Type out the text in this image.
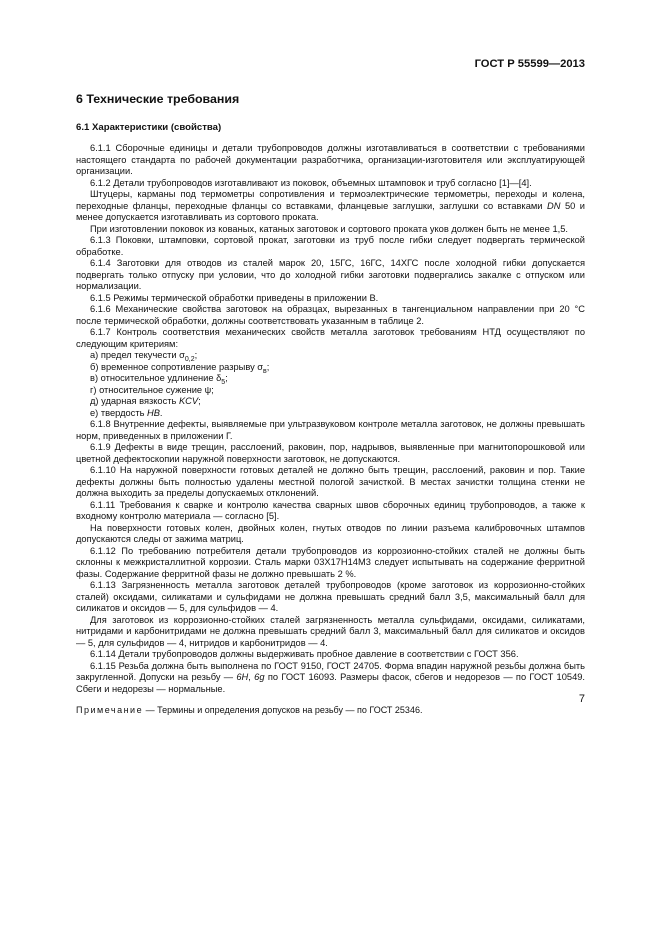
ГОСТ Р 55599—2013
6 Технические требования
6.1 Характеристики (свойства)

6.1.1 Сборочные единицы и детали трубопроводов должны изготавливаться в соответствии с требованиями настоящего стандарта по рабочей документации разработчика, организации-изготовителя или эксплуатирующей организации.

6.1.2 Детали трубопроводов изготавливают из поковок, объемных штамповок и труб согласно [1]—[4].

Штуцеры, карманы под термометры сопротивления и термоэлектрические термометры, переходы и колена, переходные фланцы, переходные фланцы со вставками, фланцевые заглушки, заглушки со вставками DN 50 и менее допускается изготавливать из сортового проката.

При изготовлении поковок из кованых, катаных заготовок и сортового проката уков должен быть не менее 1,5.

6.1.3 Поковки, штамповки, сортовой прокат, заготовки из труб после гибки следует подвергать термической обработке.

6.1.4 Заготовки для отводов из сталей марок 20, 15ГС, 16ГС, 14ХГС после холодной гибки допускается подвергать только отпуску при условии, что до холодной гибки заготовки подвергались закалке с отпуском или нормализации.

6.1.5 Режимы термической обработки приведены в приложении В.

6.1.6 Механические свойства заготовок на образцах, вырезанных в тангенциальном направлении при 20 °С после термической обработки, должны соответствовать указанным в таблице 2.

6.1.7 Контроль соответствия механических свойств металла заготовок требованиям НТД осуществляют по следующим критериям:

а) предел текучести $\sigma_{0,2}$;

б) временное сопротивление разрыву $\sigma_в$;

в) относительное удлинение $\delta_5$;

г) относительное сужение ψ;

д) ударная вязкость KCV;

е) твердость HB.

6.1.8 Внутренние дефекты, выявляемые при ультразвуковом контроле металла заготовок, не должны превышать норм, приведенных в приложении Г.

6.1.9 Дефекты в виде трещин, расслоений, раковин, пор, надрывов, выявленные при магнитопорошковой или цветной дефектоскопии наружной поверхности заготовок, не допускаются.

6.1.10 На наружной поверхности готовых деталей не должно быть трещин, расслоений, раковин и пор. Такие дефекты должны быть полностью удалены местной пологой зачисткой. В местах зачистки толщина стенки не должна выходить за пределы допускаемых отклонений.

6.1.11 Требования к сварке и контролю качества сварных швов сборочных единиц трубопроводов, а также к входному контролю материала — согласно [5].

На поверхности готовых колен, двойных колен, гнутых отводов по линии разъема калибровочных штампов допускаются следы от зажима матриц.

6.1.12 По требованию потребителя детали трубопроводов из коррозионно-стойких сталей не должны быть склонны к межкристаллитной коррозии. Сталь марки 03Х17Н14М3 следует испытывать на содержание ферритной фазы. Содержание ферритной фазы не должно превышать 2 %.

6.1.13 Загрязненность металла заготовок деталей трубопроводов (кроме заготовок из коррозионно-стойких сталей) оксидами, силикатами и сульфидами не должна превышать средний балл 3,5, максимальный балл для силикатов и оксидов — 5, для сульфидов — 4.

Для заготовок из коррозионно-стойких сталей загрязненность металла сульфидами, оксидами, силикатами, нитридами и карбонитридами не должна превышать средний балл 3, максимальный балл для силикатов и оксидов — 5, для сульфидов — 4, нитридов и карбонитридов — 4.

6.1.14 Детали трубопроводов должны выдерживать пробное давление в соответствии с ГОСТ 356.

6.1.15 Резьба должна быть выполнена по ГОСТ 9150, ГОСТ 24705. Форма впадин наружной резьбы должна быть закругленной. Допуски на резьбу — 6H, 6g по ГОСТ 16093. Размеры фасок, сбегов и недорезов — по ГОСТ 10549. Сбеги и недорезы — нормальные.

Примечание — Термины и определения допусков на резьбу — по ГОСТ 25346.

7
